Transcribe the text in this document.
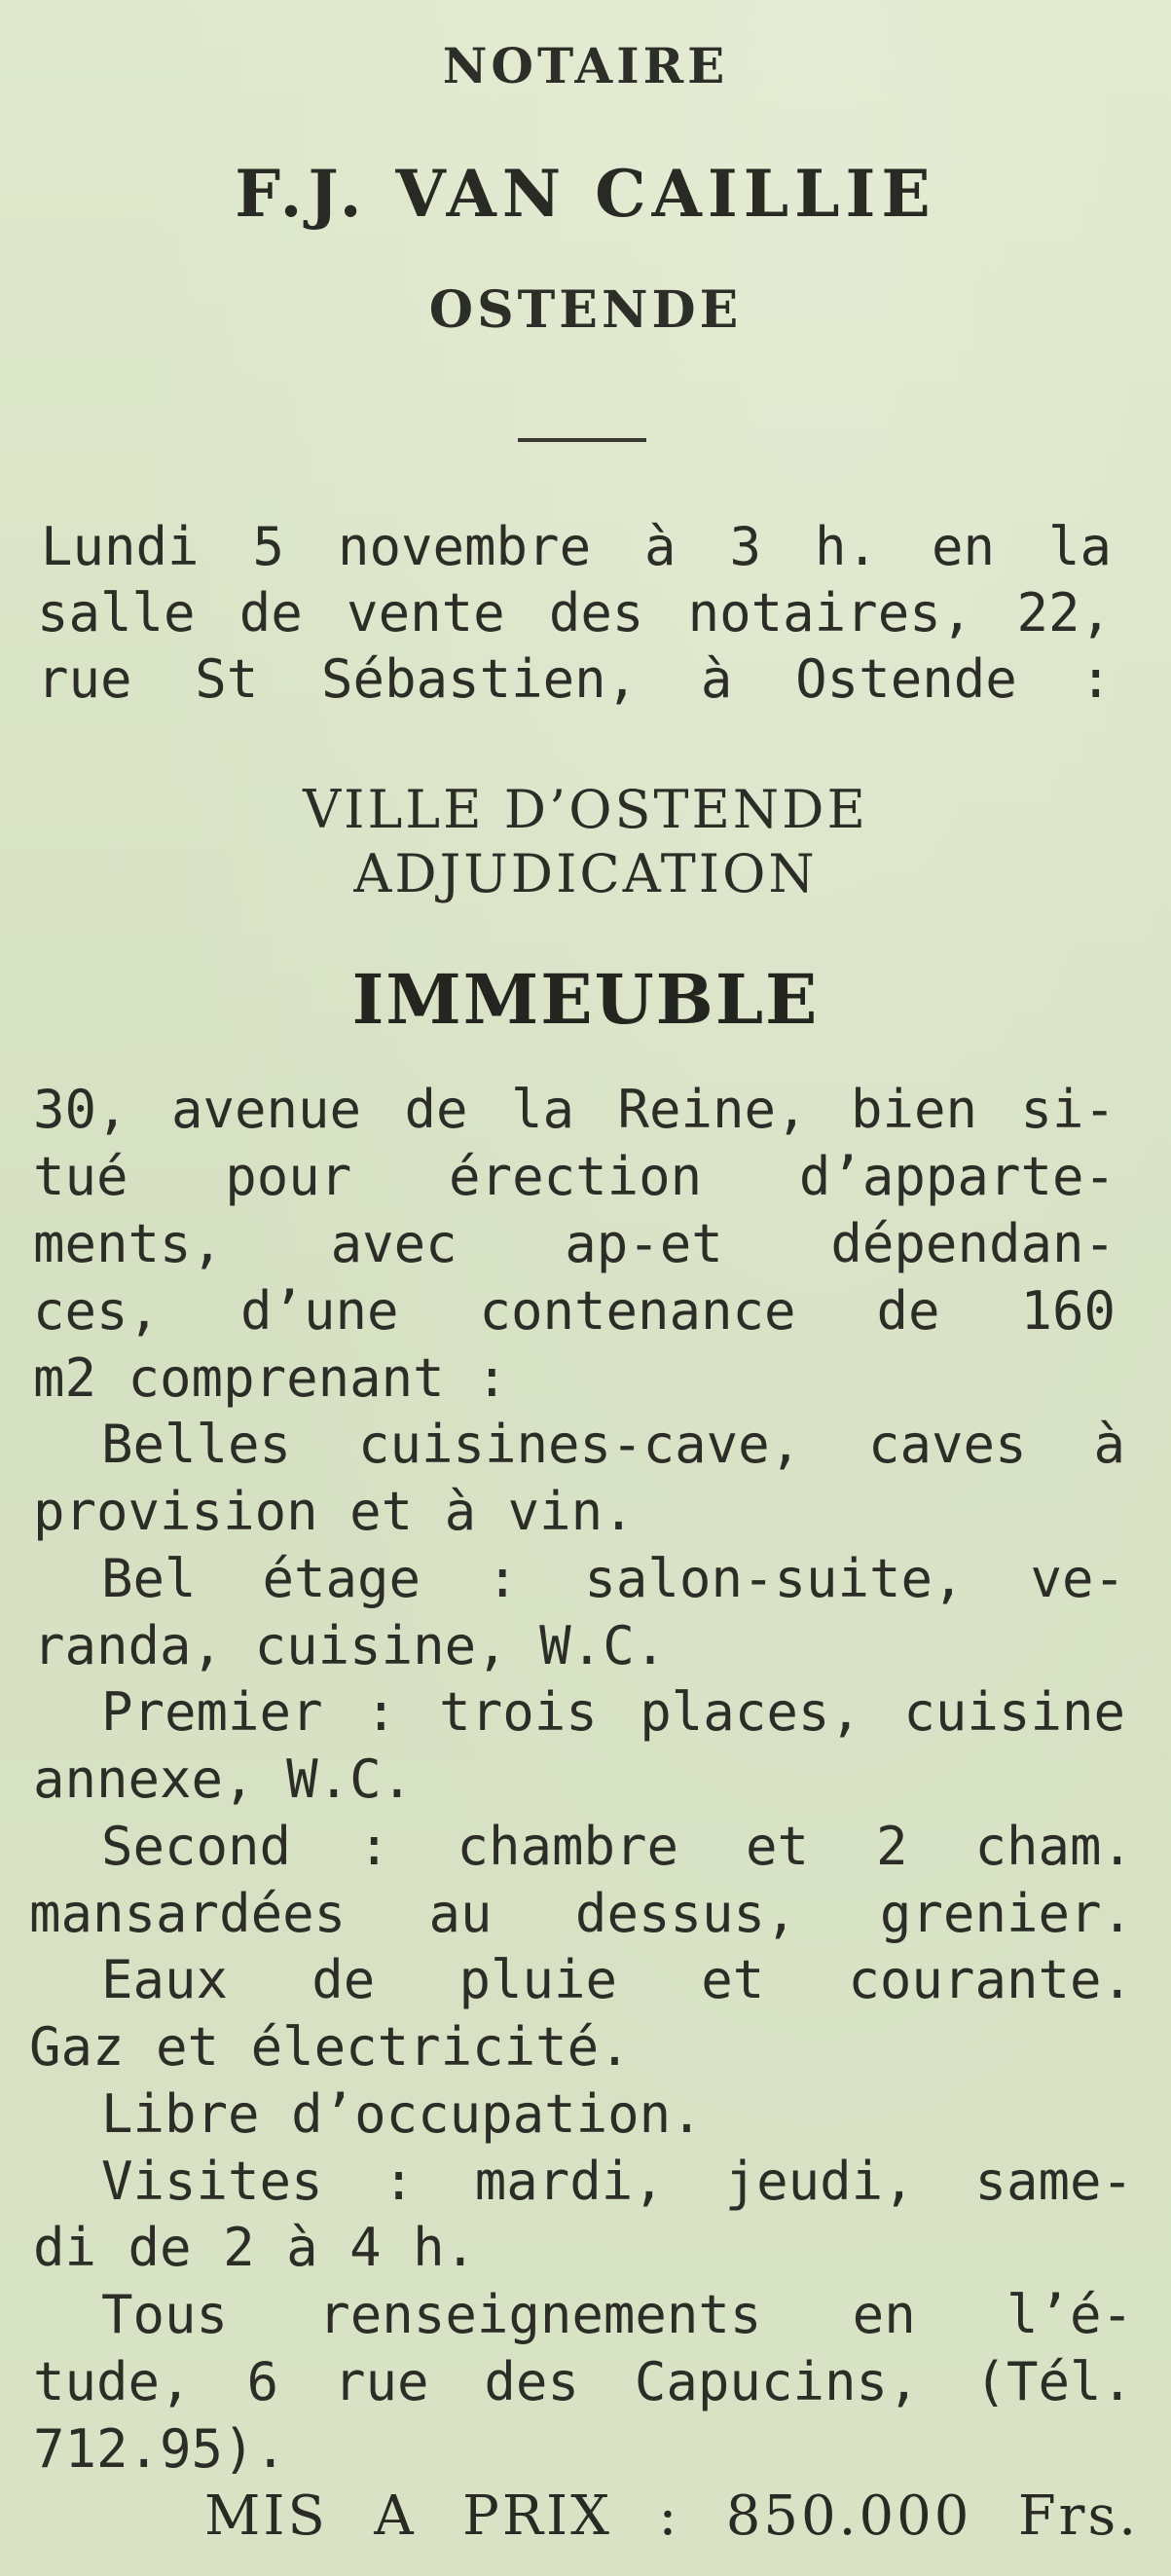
NOTAIRE
F.J. VAN CAILLIE
OSTENDE
Lundi 5 novembre à 3 h. en la
salle de vente des notaires, 22,
rue St Sébastien, à Ostende :
VILLE D’OSTENDE
ADJUDICATION
IMMEUBLE
30, avenue de la Reine, bien si-
tué pour érection d’apparte-
ments, avec ap-et dépendan-
ces, d’une contenance de 160
m2 comprenant :
Belles cuisines-cave, caves à
provision et à vin.
Bel étage : salon-suite, ve-
randa, cuisine, W.C.
Premier : trois places, cuisine
annexe, W.C.
Second : chambre et 2 cham.
mansardées au dessus, grenier.
Eaux de pluie et courante.
Gaz et électricité.
Libre d’occupation.
Visites : mardi, jeudi, same-
di de 2 à 4 h.
Tous renseignements en l’é-
tude, 6 rue des Capucins, (Tél.
712.95).
MIS A PRIX : 850.000 Frs.
